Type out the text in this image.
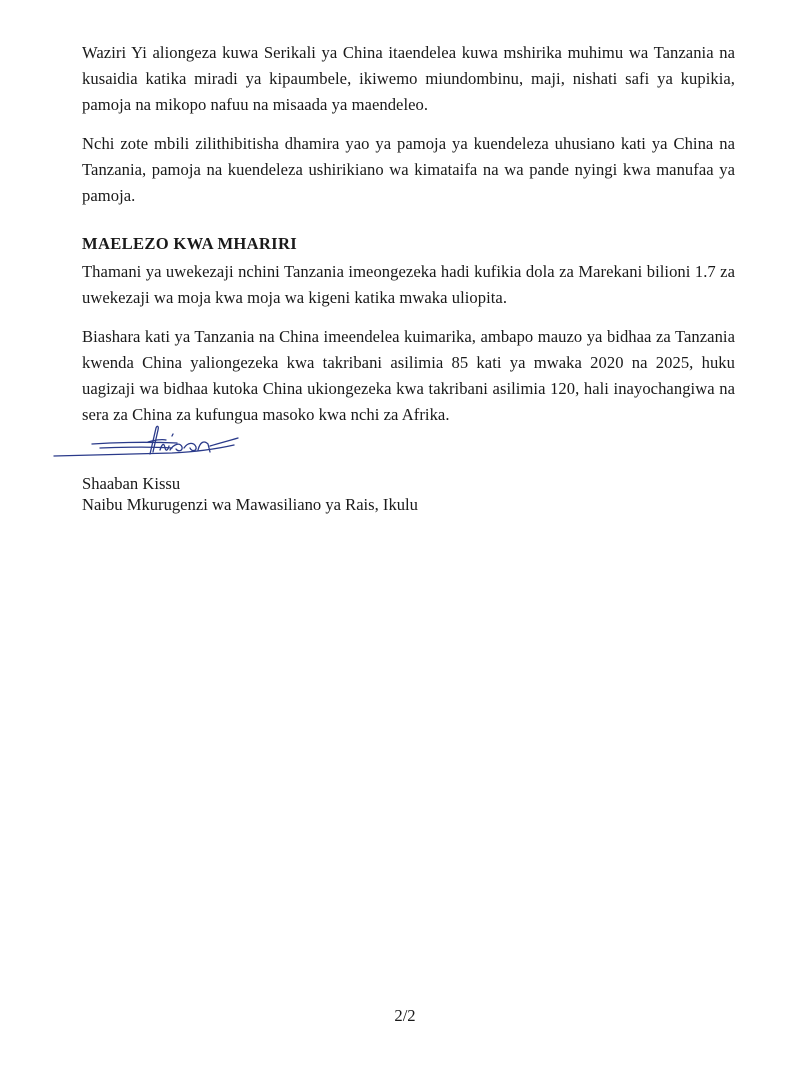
Waziri Yi aliongeza kuwa Serikali ya China itaendelea kuwa mshirika muhimu wa Tanzania na kusaidia katika miradi ya kipaumbele, ikiwemo miundombinu, maji, nishati safi ya kupikia, pamoja na mikopo nafuu na misaada ya maendeleo.

Nchi zote mbili zilithibitisha dhamira yao ya pamoja ya kuendeleza uhusiano kati ya China na Tanzania, pamoja na kuendeleza ushirikiano wa kimataifa na wa pande nyingi kwa manufaa ya pamoja.

MAELEZO KWA MHARIRI

Thamani ya uwekezaji nchini Tanzania imeongezeka hadi kufikia dola za Marekani bilioni 1.7 za uwekezaji wa moja kwa moja wa kigeni katika mwaka uliopita.

Biashara kati ya Tanzania na China imeendelea kuimarika, ambapo mauzo ya bidhaa za Tanzania kwenda China yaliongezeka kwa takribani asilimia 85 kati ya mwaka 2020 na 2025, huku uagizaji wa bidhaa kutoka China ukiongezeka kwa takribani asilimia 120, hali inayochangiwa na sera za China za kufungua masoko kwa nchi za Afrika.

Shaaban Kissu

Naibu Mkurugenzi wa Mawasiliano ya Rais, Ikulu

2/2
